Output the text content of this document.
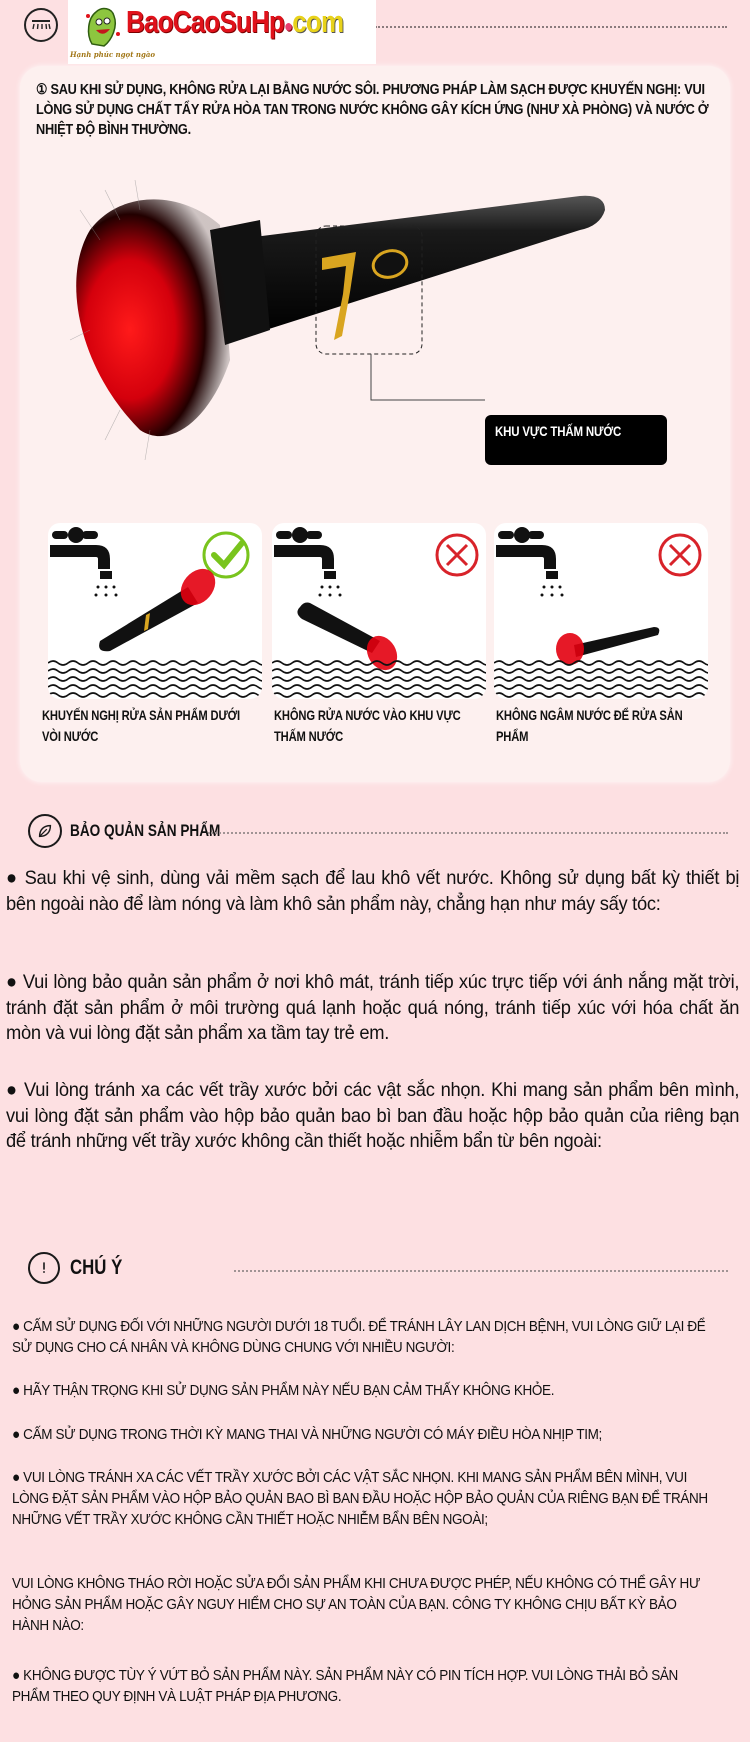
BaoCaoSuHp●com
Hạnh phúc ngọt ngào
① SAU KHI SỬ DỤNG, KHÔNG RỬA LẠI BẰNG NƯỚC SÔI. PHƯƠNG PHÁP LÀM SẠCH ĐƯỢC KHUYẾN NGHỊ: VUI LÒNG SỬ DỤNG CHẤT TẨY RỬA HÒA TAN TRONG NƯỚC KHÔNG GÂY KÍCH ỨNG (NHƯ XÀ PHÒNG) VÀ NƯỚC Ở NHIỆT ĐỘ BÌNH THƯỜNG.
KHU VỰC THẤM NƯỚC
KHUYẾN NGHỊ RỬA SẢN PHẨM DƯỚI
VÒI NƯỚC
KHÔNG RỬA NƯỚC VÀO KHU VỰC
THẤM NƯỚC
KHÔNG NGÂM NƯỚC ĐỂ RỬA SẢN
PHẨM
BẢO QUẢN SẢN PHẨM
● Sau khi vệ sinh, dùng vải mềm sạch để lau khô vết nước. Không sử dụng bất kỳ thiết bị bên ngoài nào để làm nóng và làm khô sản phẩm này, chẳng hạn như máy sấy tóc:
● Vui lòng bảo quản sản phẩm ở nơi khô mát, tránh tiếp xúc trực tiếp với ánh nắng mặt trời, tránh đặt sản phẩm ở môi trường quá lạnh hoặc quá nóng, tránh tiếp xúc với hóa chất ăn mòn và vui lòng đặt sản phẩm xa tầm tay trẻ em.
● Vui lòng tránh xa các vết trầy xước bởi các vật sắc nhọn. Khi mang sản phẩm bên mình, vui lòng đặt sản phẩm vào hộp bảo quản bao bì ban đầu hoặc hộp bảo quản của riêng bạn để tránh những vết trầy xước không cần thiết hoặc nhiễm bẩn từ bên ngoài:
CHÚ Ý
● CẤM SỬ DỤNG ĐỐI VỚI NHỮNG NGƯỜI DƯỚI 18 TUỔI. ĐỂ TRÁNH LÂY LAN DỊCH BỆNH, VUI LÒNG GIỮ LẠI ĐỂ SỬ DỤNG CHO CÁ NHÂN VÀ KHÔNG DÙNG CHUNG VỚI NHIỀU NGƯỜI:
● HÃY THẬN TRỌNG KHI SỬ DỤNG SẢN PHẨM NÀY NẾU BẠN CẢM THẤY KHÔNG KHỎE.
● CẤM SỬ DỤNG TRONG THỜI KỲ MANG THAI VÀ NHỮNG NGƯỜI CÓ MÁY ĐIỀU HÒA NHỊP TIM;
● VUI LÒNG TRÁNH XA CÁC VẾT TRẦY XƯỚC BỞI CÁC VẬT SẮC NHỌN. KHI MANG SẢN PHẨM BÊN MÌNH, VUI LÒNG ĐẶT SẢN PHẨM VÀO HỘP BẢO QUẢN BAO BÌ BAN ĐẦU HOẶC HỘP BẢO QUẢN CỦA RIÊNG BẠN ĐỂ TRÁNH NHỮNG VẾT TRẦY XƯỚC KHÔNG CẦN THIẾT HOẶC NHIỄM BẨN BÊN NGOÀI;
VUI LÒNG KHÔNG THÁO RỜI HOẶC SỬA ĐỔI SẢN PHẨM KHI CHƯA ĐƯỢC PHÉP, NẾU KHÔNG CÓ THỂ GÂY HƯ HỎNG SẢN PHẨM HOẶC GÂY NGUY HIỂM CHO SỰ AN TOÀN CỦA BẠN. CÔNG TY KHÔNG CHỊU BẤT KỲ BẢO HÀNH NÀO:
● KHÔNG ĐƯỢC TÙY Ý VỨT BỎ SẢN PHẨM NÀY. SẢN PHẨM NÀY CÓ PIN TÍCH HỢP. VUI LÒNG THẢI BỎ SẢN PHẨM THEO QUY ĐỊNH VÀ LUẬT PHÁP ĐỊA PHƯƠNG.
